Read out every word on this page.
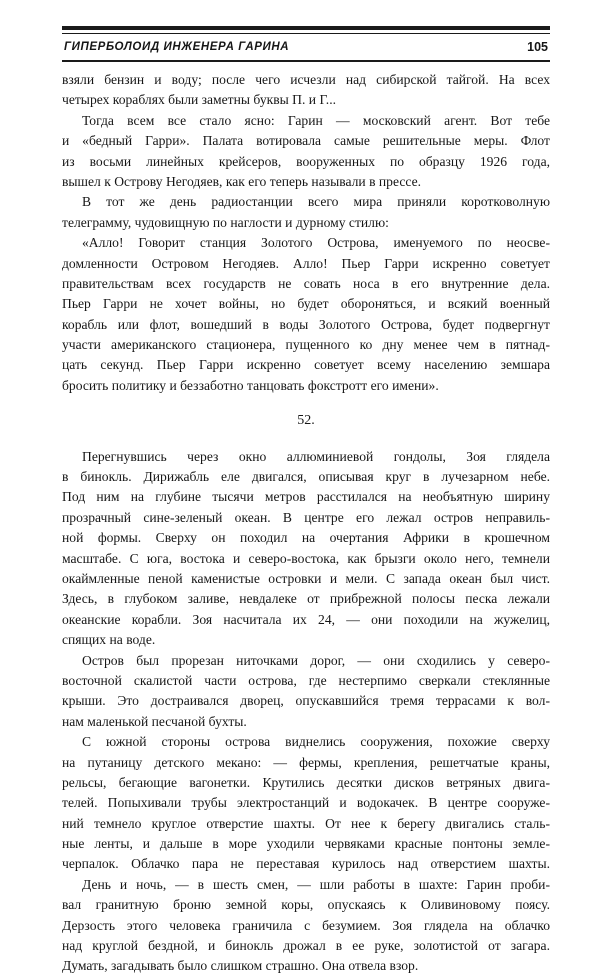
ГИПЕРБОЛОИД ИНЖЕНЕРА ГАРИНА	105
взяли бензин и воду; после чего исчезли над сибирской тайгой. На всех
четырех кораблях были заметны буквы П. и Г...
Тогда всем все стало ясно: Гарин — московский агент. Вот тебе
и «бедный Гарри». Палата вотировала самые решительные меры. Флот
из восьми линейных крейсеров, вооруженных по образцу 1926 года,
вышел к Острову Негодяев, как его теперь называли в прессе.
В тот же день радиостанции всего мира приняли коротковолную
телеграмму, чудовищную по наглости и дурному стилю:
«Алло! Говорит станция Золотого Острова, именуемого по неосве-
домленности Островом Негодяев. Алло! Пьер Гарри искренно советует
правительствам всех государств не совать носа в его внутренние дела.
Пьер Гарри не хочет войны, но будет обороняться, и всякий военный
корабль или флот, вошедший в воды Золотого Острова, будет подвергнут
участи американского стационера, пущенного ко дну менее чем в пятнад-
цать секунд. Пьер Гарри искренно советует всему населению земшара
бросить политику и беззаботно танцовать фокстротт его имени».
52.
Перегнувшись через окно аллюминиевой гондолы, Зоя глядела
в бинокль. Дирижабль еле двигался, описывая круг в лучезарном небе.
Под ним на глубине тысячи метров расстилался на необъятную ширину
прозрачный сине-зеленый океан. В центре его лежал остров неправиль-
ной формы. Сверху он походил на очертания Африки в крошечном
масштабе. С юга, востока и северо-востока, как брызги около него, темнели
окаймленные пеной каменистые островки и мели. С запада океан был чист.
Здесь, в глубоком заливе, невдалеке от прибрежной полосы песка лежали
океанские корабли. Зоя насчитала их 24, — они походили на жужелиц,
спящих на воде.
Остров был прорезан ниточками дорог, — они сходились у северо-
восточной скалистой части острова, где нестерпимо сверкали стеклянные
крыши. Это достраивался дворец, опускавшийся тремя террасами к вол-
нам маленькой песчаной бухты.
С южной стороны острова виднелись сооружения, похожие сверху
на путаницу детского мекано: — фермы, крепления, решетчатые краны,
рельсы, бегающие вагонетки. Крутились десятки дисков ветряных двига-
телей. Попыхивали трубы электростанций и водокачек. В центре сооруже-
ний темнело круглое отверстие шахты. От нее к берегу двигались сталь-
ные ленты, и дальше в море уходили червяками красные понтоны земле-
черпалок. Облачко пара не переставая курилось над отверстием шахты.
День и ночь, — в шесть смен, — шли работы в шахте: Гарин проби-
вал гранитную броню земной коры, опускаясь к Оливиновому поясу.
Дерзость этого человека граничила с безумием. Зоя глядела на облачко
над круглой бездной, и бинокль дрожал в ее руке, золотистой от загара.
Думать, загадывать было слишком страшно. Она отвела взор.
